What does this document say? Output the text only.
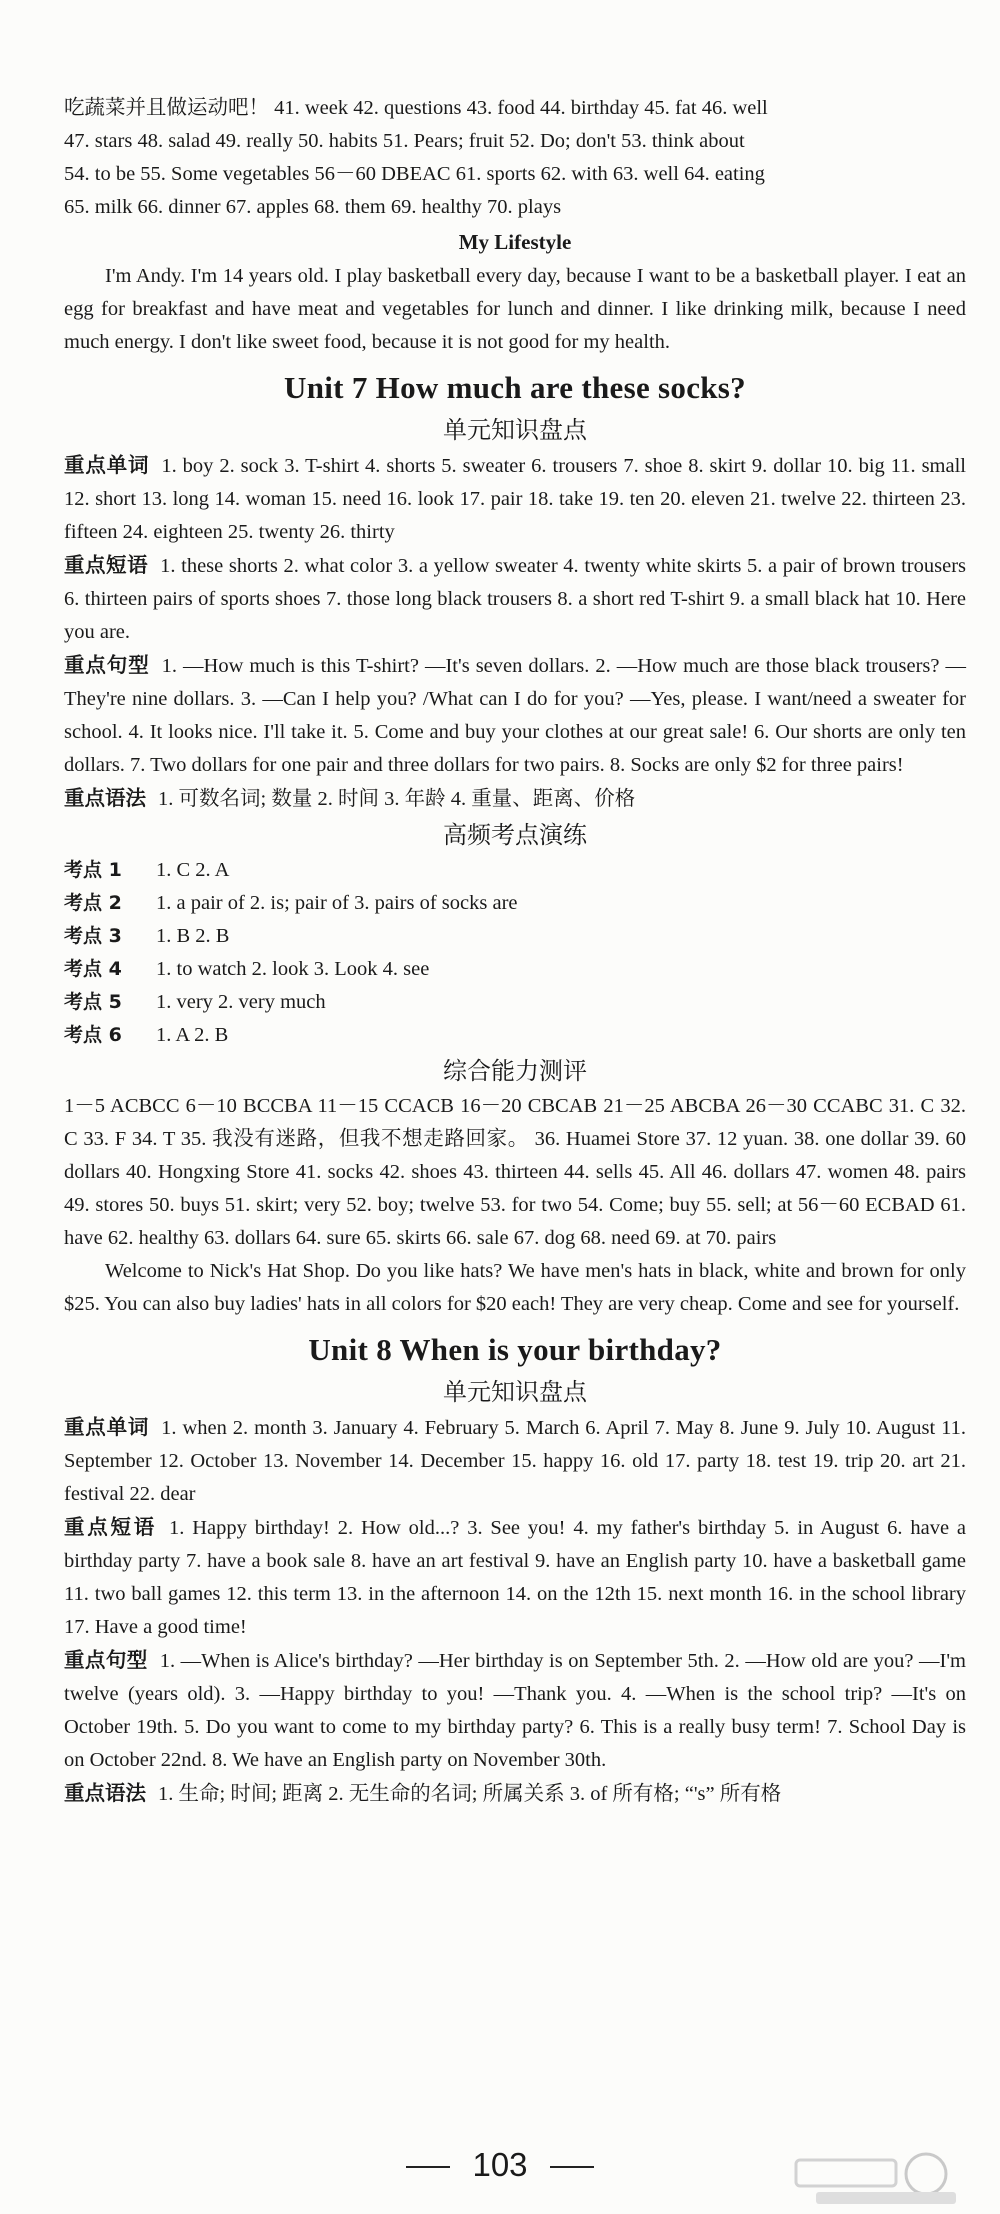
吃蔬菜并且做运动吧！ 41. week 42. questions 43. food 44. birthday 45. fat 46. well

47. stars 48. salad 49. really 50. habits 51. Pears; fruit 52. Do; don't 53. think about

54. to be 55. Some vegetables 56－60 DBEAC 61. sports 62. with 63. well 64. eating

65. milk 66. dinner 67. apples 68. them 69. healthy 70. plays

My Lifestyle

I'm Andy. I'm 14 years old. I play basketball every day, because I want to be a basketball player. I eat an egg for breakfast and have meat and vegetables for lunch and dinner. I like drinking milk, because I need much energy. I don't like sweet food, because it is not good for my health.

Unit 7 How much are these socks?

单元知识盘点

重点单词 1. boy 2. sock 3. T-shirt 4. shorts 5. sweater 6. trousers 7. shoe 8. skirt 9. dollar 10. big 11. small 12. short 13. long 14. woman 15. need 16. look 17. pair 18. take 19. ten 20. eleven 21. twelve 22. thirteen 23. fifteen 24. eighteen 25. twenty 26. thirty

重点短语 1. these shorts 2. what color 3. a yellow sweater 4. twenty white skirts 5. a pair of brown trousers 6. thirteen pairs of sports shoes 7. those long black trousers 8. a short red T-shirt 9. a small black hat 10. Here you are.

重点句型 1. —How much is this T-shirt? —It's seven dollars. 2. —How much are those black trousers? —They're nine dollars. 3. —Can I help you? /What can I do for you? —Yes, please. I want/need a sweater for school. 4. It looks nice. I'll take it. 5. Come and buy your clothes at our great sale! 6. Our shorts are only ten dollars. 7. Two dollars for one pair and three dollars for two pairs. 8. Socks are only $2 for three pairs!

重点语法 1. 可数名词; 数量 2. 时间 3. 年龄 4. 重量、距离、价格

高频考点演练

考点 1 1. C 2. A

考点 2 1. a pair of 2. is; pair of 3. pairs of socks are

考点 3 1. B 2. B

考点 4 1. to watch 2. look 3. Look 4. see

考点 5 1. very 2. very much

考点 6 1. A 2. B

综合能力测评

1－5 ACBCC 6－10 BCCBA 11－15 CCACB 16－20 CBCAB 21－25 ABCBA 26－30 CCABC 31. C 32. C 33. F 34. T 35. 我没有迷路，但我不想走路回家。 36. Huamei Store 37. 12 yuan. 38. one dollar 39. 60 dollars 40. Hongxing Store 41. socks 42. shoes 43. thirteen 44. sells 45. All 46. dollars 47. women 48. pairs 49. stores 50. buys 51. skirt; very 52. boy; twelve 53. for two 54. Come; buy 55. sell; at 56－60 ECBAD 61. have 62. healthy 63. dollars 64. sure 65. skirts 66. sale 67. dog 68. need 69. at 70. pairs

Welcome to Nick's Hat Shop. Do you like hats? We have men's hats in black, white and brown for only $25. You can also buy ladies' hats in all colors for $20 each! They are very cheap. Come and see for yourself.

Unit 8 When is your birthday?

单元知识盘点

重点单词 1. when 2. month 3. January 4. February 5. March 6. April 7. May 8. June 9. July 10. August 11. September 12. October 13. November 14. December 15. happy 16. old 17. party 18. test 19. trip 20. art 21. festival 22. dear

重点短语 1. Happy birthday! 2. How old...? 3. See you! 4. my father's birthday 5. in August 6. have a birthday party 7. have a book sale 8. have an art festival 9. have an English party 10. have a basketball game 11. two ball games 12. this term 13. in the afternoon 14. on the 12th 15. next month 16. in the school library 17. Have a good time!

重点句型 1. —When is Alice's birthday? —Her birthday is on September 5th. 2. —How old are you? —I'm twelve (years old). 3. —Happy birthday to you! —Thank you. 4. —When is the school trip? —It's on October 19th. 5. Do you want to come to my birthday party? 6. This is a really busy term! 7. School Day is on October 22nd. 8. We have an English party on November 30th.

重点语法 1. 生命; 时间; 距离 2. 无生命的名词; 所属关系 3. of 所有格; “'s” 所有格

103
